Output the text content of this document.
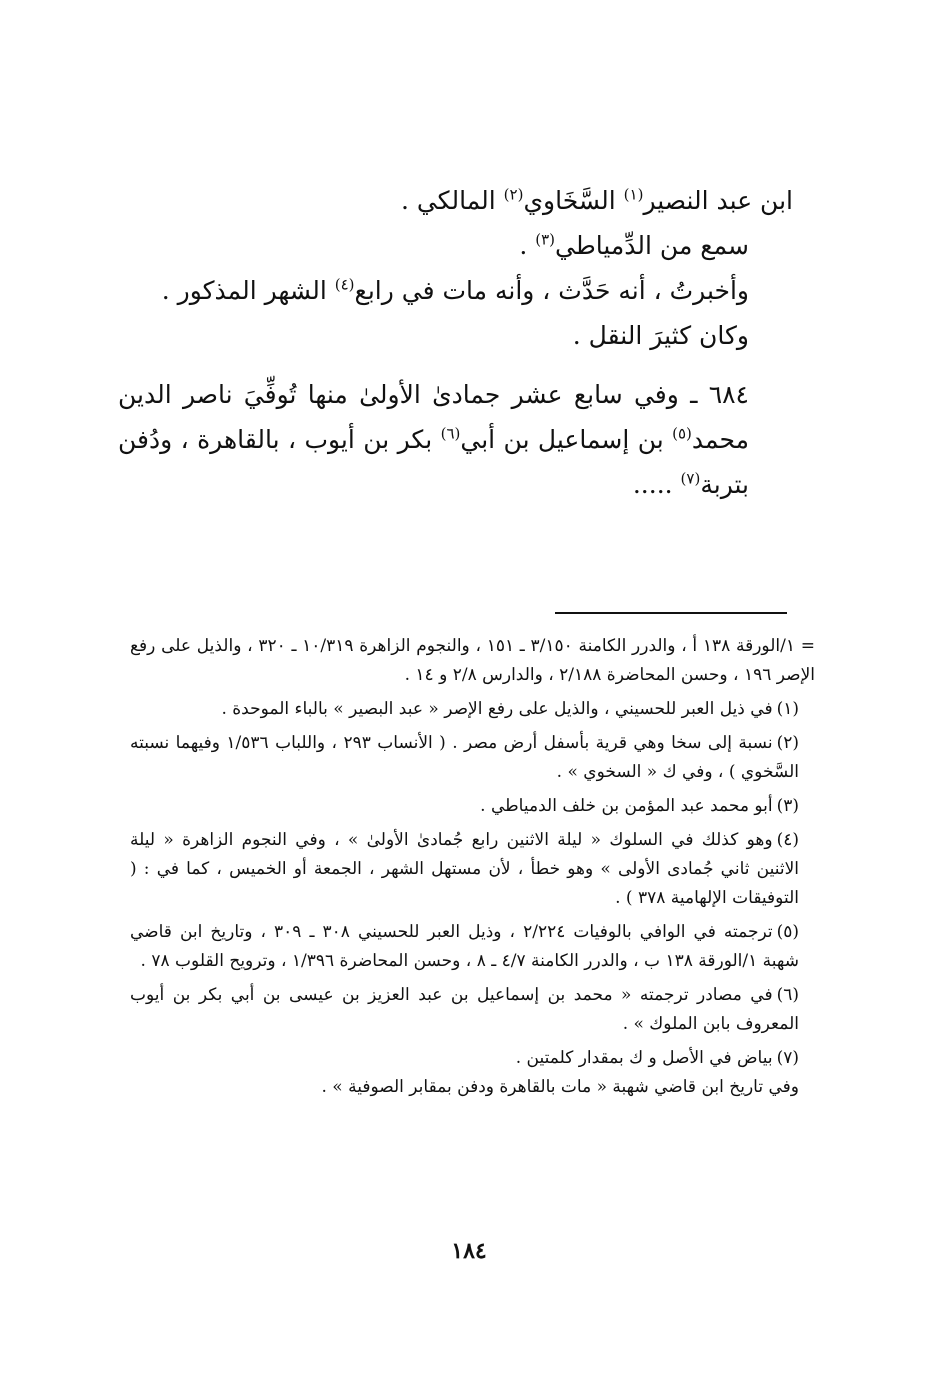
ابن عبد النصير$^{(١)}$ السَّخَاوي$^{(٢)}$ المالكي .

سمع من الدِّمياطي$^{(٣)}$ .

وأخبرتُ ، أنه حَدَّث ، وأنه مات في رابع$^{(٤)}$ الشهر المذكور .

وكان كثيرَ النقل .

٦٨٤ ـ وفي سابع عشر جمادىٰ الأولىٰ منها تُوفِّيَ ناصر الدين محمد$^{(٥)}$ بن إسماعيل بن أبي$^{(٦)}$ بكر بن أيوب ، بالقاهرة ، ودُفن بتربة$^{(٧)}$ .....

= ١/الورقة ١٣٨ أ ، والدرر الكامنة ٣/١٥٠ ـ ١٥١ ، والنجوم الزاهرة ١٠/٣١٩ ـ ٣٢٠ ، والذيل على رفع الإصر ١٩٦ ، وحسن المحاضرة ٢/١٨٨ ، والدارس ٢/٨ و ١٤ .

(١)في ذيل العبر للحسيني ، والذيل على رفع الإصر « عبد البصير » بالباء الموحدة .

(٢)نسبة إلى سخا وهي قرية بأسفل أرض مصر . ( الأنساب ٢٩٣ ، واللباب ١/٥٣٦ وفيهما نسبته السَّخوي ) ، وفي ك « السخوي » .

(٣)أبو محمد عبد المؤمن بن خلف الدمياطي .

(٤)وهو كذلك في السلوك « ليلة الاثنين رابع جُمادىٰ الأولىٰ » ، وفي النجوم الزاهرة « ليلة الاثنين ثاني جُمادى الأولى » وهو خطأ ، لأن مستهل الشهر ، الجمعة أو الخميس ، كما في : ( التوفيقات الإلهامية ٣٧٨ ) .

(٥)ترجمته في الوافي بالوفيات ٢/٢٢٤ ، وذيل العبر للحسيني ٣٠٨ ـ ٣٠٩ ، وتاريخ ابن قاضي شهبة ١/الورقة ١٣٨ ب ، والدرر الكامنة ٤/٧ ـ ٨ ، وحسن المحاضرة ١/٣٩٦ ، وترويح القلوب ٧٨ .

(٦)في مصادر ترجمته « محمد بن إسماعيل بن عبد العزيز بن عيسى بن أبي بكر بن أيوب المعروف بابن الملوك » .

(٧)بياض في الأصل و ك بمقدار كلمتين .
وفي تاريخ ابن قاضي شهبة « مات بالقاهرة ودفن بمقابر الصوفية » .

١٨٤
